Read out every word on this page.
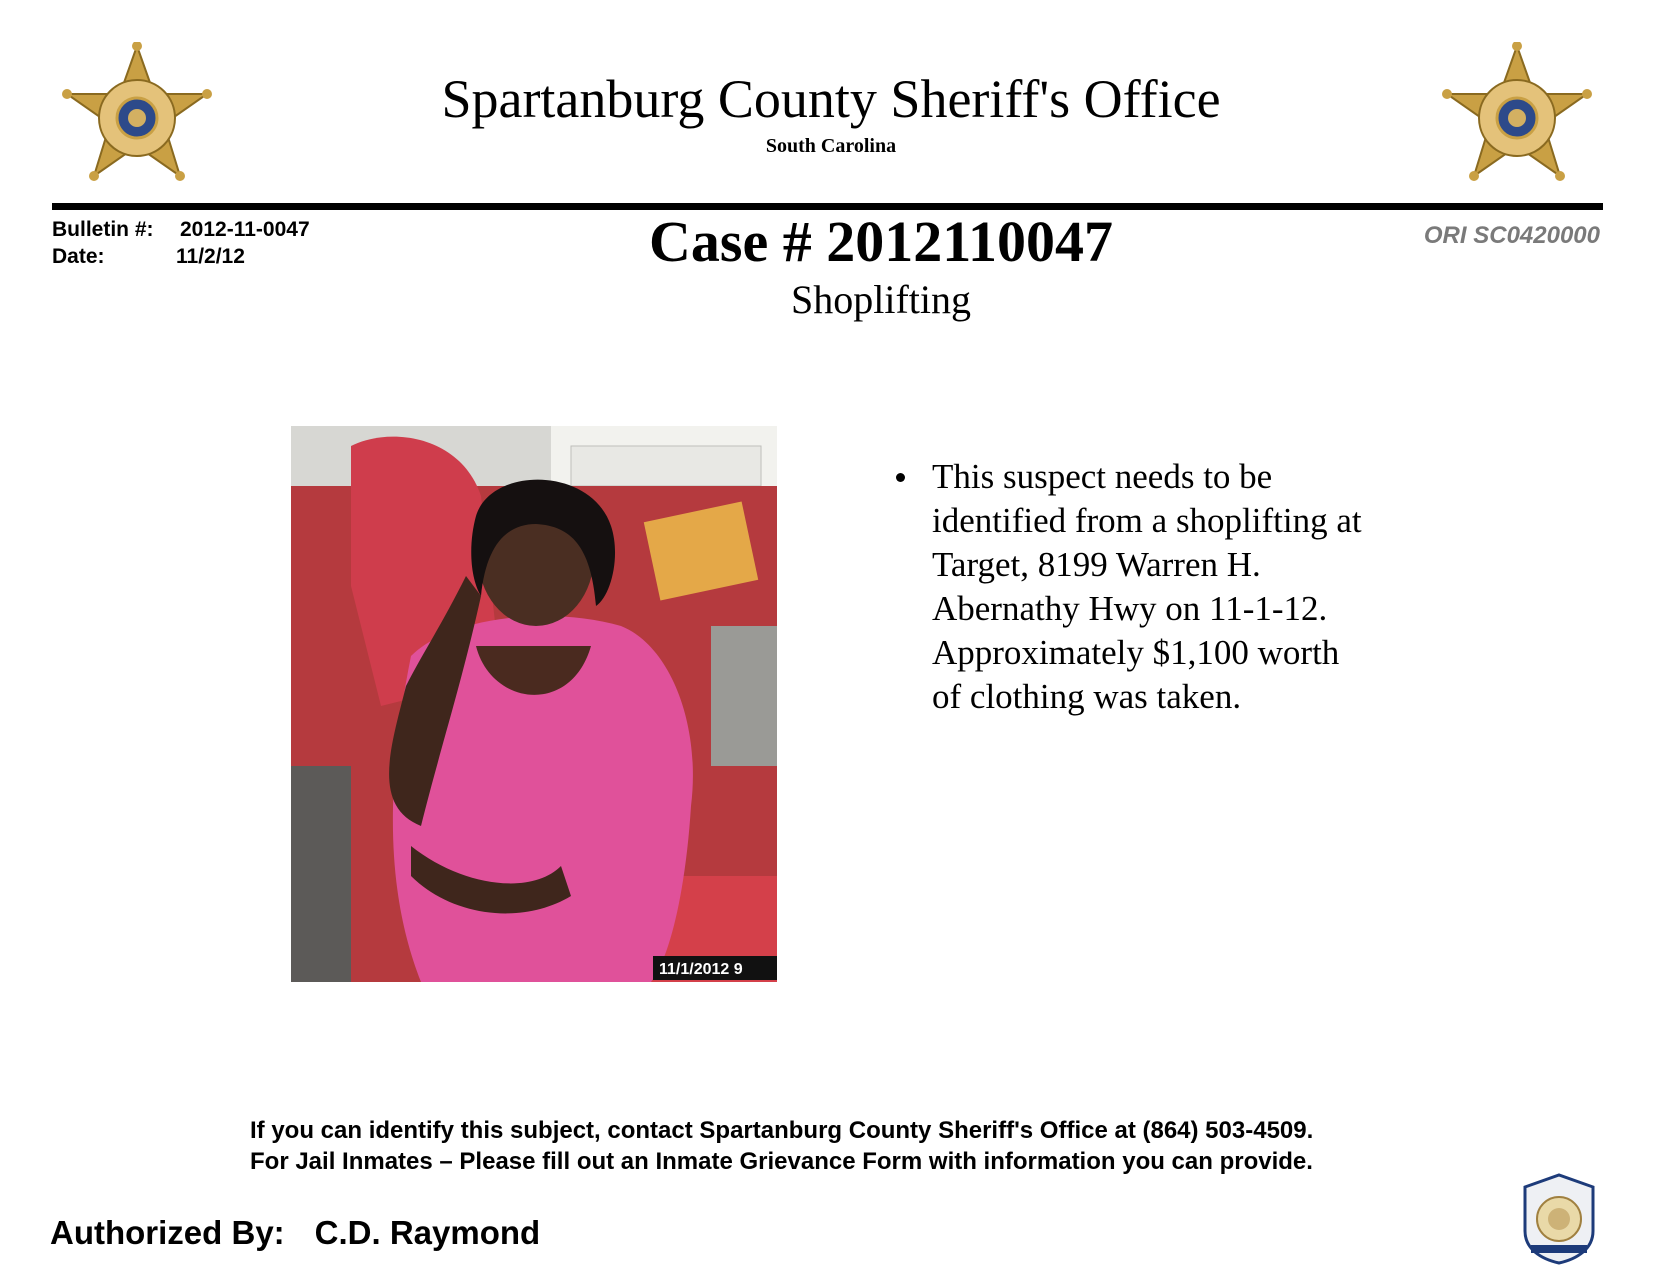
Spartanburg County Sheriff's Office
South Carolina
Bulletin #: 2012-11-0047
Date:	11/2/12
ORI SC0420000
Case # 2012110047
Shoplifting
11/1/2012 9
This suspect needs to be
identified from a shoplifting at
Target, 8199 Warren H.
Abernathy Hwy on 11-1-12.
Approximately $1,100 worth
of clothing was taken.
If you can identify this subject, contact Spartanburg County Sheriff's Office at (864) 503-4509.
For Jail Inmates – Please fill out an Inmate Grievance Form with information you can provide.
Authorized By: C.D. Raymond
